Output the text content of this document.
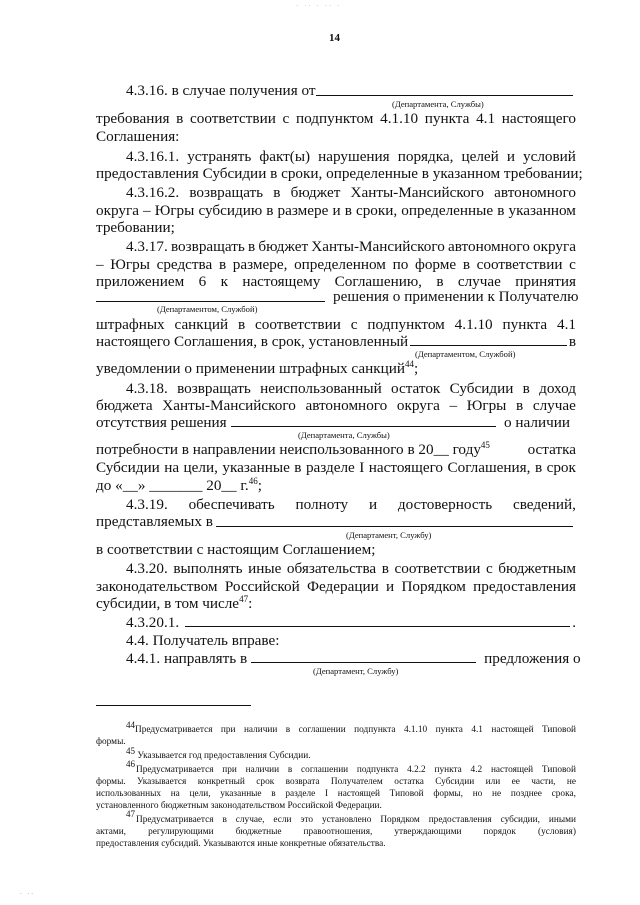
˙ ˙˙ ˙ ˙˙ ˙
14
4.3.16. в случае получения от
(Департамента, Службы)
требования в соответствии с подпунктом 4.1.10 пункта 4.1 настоящего
Соглашения:
4.3.16.1. устранять факт(ы) нарушения порядка, целей и условий
предоставления Субсидии в сроки, определенные в указанном требовании;
4.3.16.2. возвращать в бюджет Ханты-Мансийского автономного
округа – Югры субсидию в размере и в сроки, определенные в указанном
требовании;
4.3.17. возвращать в бюджет Ханты-Мансийского автономного округа
– Югры средства в размере, определенном по форме в соответствии с
приложением 6 к настоящему Соглашению, в случае принятия
решения о применении к Получателю
(Департаментом, Службой)
штрафных санкций в соответствии с подпунктом 4.1.10 пункта 4.1
настоящего Соглашения, в срок, установленный	в
(Департаментом, Службой)
уведомлении о применении штрафных санкций$^{44}$;
4.3.18. возвращать неиспользованный остаток Субсидии в доход
бюджета Ханты-Мансийского автономного округа – Югры в случае
отсутствия решения	о наличии
(Департамента, Службы)
потребности в направлении неиспользованного в 20__ году$^{45}$ остатка
Субсидии на цели, указанные в разделе I настоящего Соглашения, в срок
до «__» _______ 20__ г.$^{46}$;
4.3.19. обеспечивать полноту и достоверность сведений,
представляемых в
(Департамент, Службу)
в соответствии с настоящим Соглашением;
4.3.20. выполнять иные обязательства в соответствии с бюджетным
законодательством Российской Федерации и Порядком предоставления
субсидии, в том числе$^{47}$:
4.3.20.1.	.
4.4. Получатель вправе:
4.4.1. направлять в	предложения о
(Департамент, Службу)
$^{44}$
Предусматривается при наличии в соглашении подпункта 4.1.10 пункта 4.1 настоящей Типовой
формы.
$^{45}$ Указывается год предоставления Субсидии.
46
Предусматривается при наличии в соглашении подпункта 4.2.2 пункта 4.2 настоящей Типовой
формы. Указывается конкретный срок возврата Получателем остатка Субсидии или ее части, не
использованных на цели, указанные в разделе I настоящей Типовой формы, но не позднее срока,
установленного бюджетным законодательством Российской Федерации.
47
Предусматривается в случае, если это установлено Порядком предоставления субсидии, иными
актами, регулирующими бюджетные правоотношения, утверждающими порядок (условия)
предоставления субсидий. Указываются иные конкретные обязательства.
. ..
